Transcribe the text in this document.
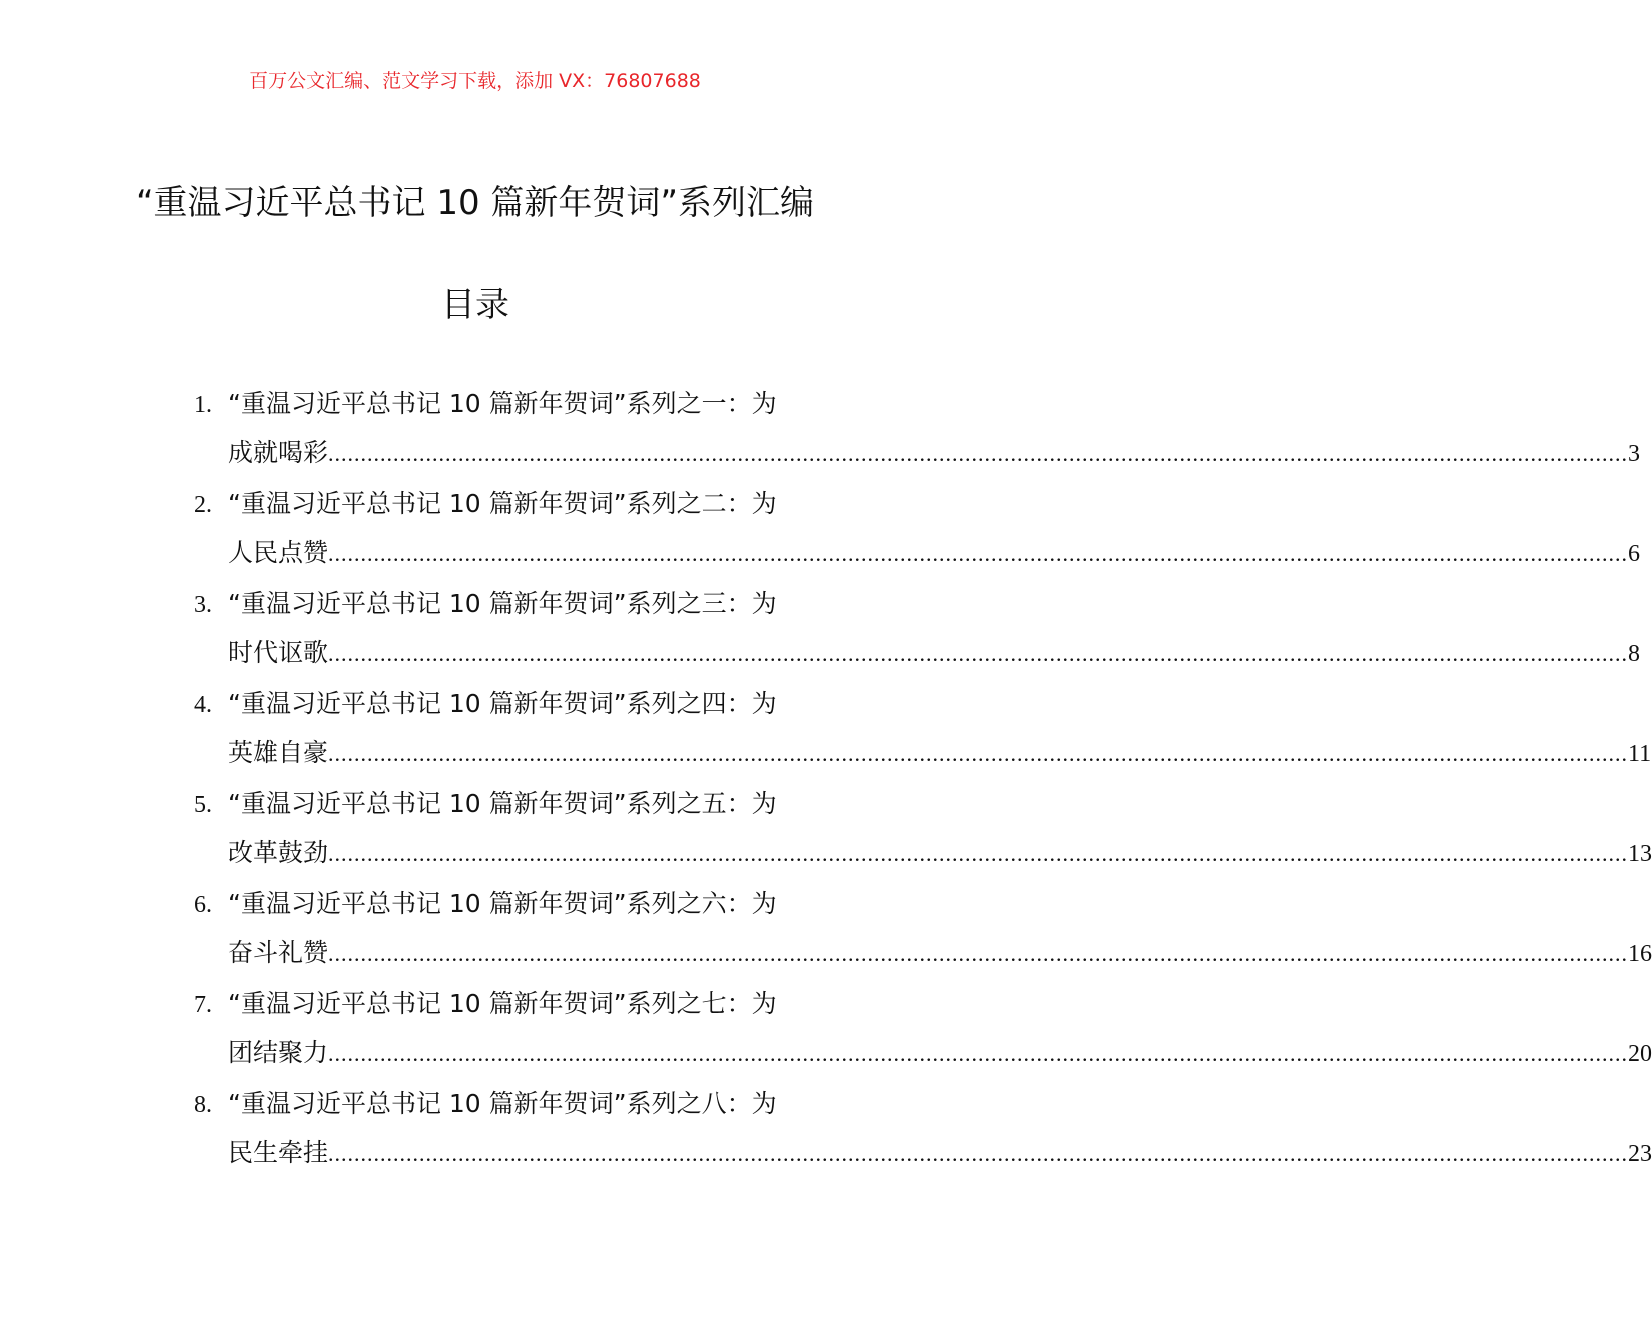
百万公文汇编、范文学习下载，添加 VX：76807688
“重温习近平总书记 10 篇新年贺词”系列汇编
目录
1. “重温习近平总书记 10 篇新年贺词”系列之一：为
成就喝彩 ........................................................................................................................................................................................................ 3
2. “重温习近平总书记 10 篇新年贺词”系列之二：为
人民点赞 ........................................................................................................................................................................................................ 6
3. “重温习近平总书记 10 篇新年贺词”系列之三：为
时代讴歌 ........................................................................................................................................................................................................ 8
4. “重温习近平总书记 10 篇新年贺词”系列之四：为
英雄自豪 ........................................................................................................................................................................................................ 11
5. “重温习近平总书记 10 篇新年贺词”系列之五：为
改革鼓劲 ........................................................................................................................................................................................................ 13
6. “重温习近平总书记 10 篇新年贺词”系列之六：为
奋斗礼赞 ........................................................................................................................................................................................................ 16
7. “重温习近平总书记 10 篇新年贺词”系列之七：为
团结聚力 ........................................................................................................................................................................................................ 20
8. “重温习近平总书记 10 篇新年贺词”系列之八：为
民生牵挂 ........................................................................................................................................................................................................ 23
